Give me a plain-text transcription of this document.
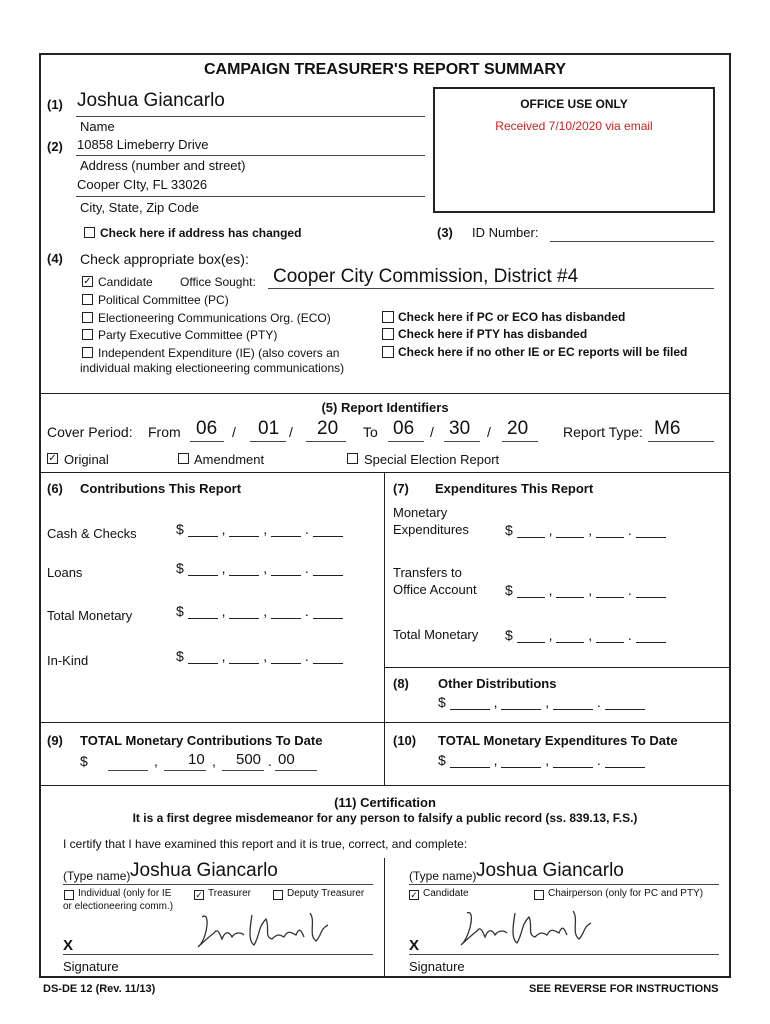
CAMPAIGN TREASURER'S REPORT SUMMARY
(1) Joshua Giancarlo
Name
(2) 10858 Limeberry Drive
Address (number and street)
Cooper CIty, FL 33026
City, State, Zip Code
OFFICE USE ONLY
Received 7/10/2020 via email
Check here if address has changed	(3) ID Number:
(4) Check appropriate box(es):
✓ Candidate Office Sought: Cooper City Commission, District #4
Political Committee (PC)
Electioneering Communications Org. (ECO)
Party Executive Committee (PTY)
Independent Expenditure (IE) (also covers an
individual making electioneering communications)
Check here if PC or ECO has disbanded
Check here if PTY has disbanded
Check here if no other IE or EC reports will be filed
(5) Report Identifiers
Cover Period: From 06 / 01 / 20 To 06 / 30 / 20 Report Type: M6
✓ Original	Amendment	Special Election Report
(6) Contributions This Report
Cash & Checks	$	,	,	.
Loans	$	,	,	.
Total Monetary	$	,	,	.
In-Kind	$	,	,	.
(7) Expenditures This Report
Monetary
Expenditures	$	,	,	.
Transfers to
Office Account $	,	,	.
Total Monetary $	,	,	.
(8) Other Distributions
$	,	,	.
(9) TOTAL Monetary Contributions To Date
$	, 10 , 500 . 00
(10) TOTAL Monetary Expenditures To Date
$	,	,	.
(11) Certification
It is a first degree misdemeanor for any person to falsify a public record (ss. 839.13, F.S.)
I certify that I have examined this report and it is true, correct, and complete:
(Type name) Joshua Giancarlo	(Type name) Joshua Giancarlo
Individual (only for IE
or electioneering comm.)
✓ Treasurer	Deputy Treasurer	✓ Candidate	Chairperson (only for PC and PTY)
X
Signature
X
Signature
DS-DE 12 (Rev. 11/13)	SEE REVERSE FOR INSTRUCTIONS
